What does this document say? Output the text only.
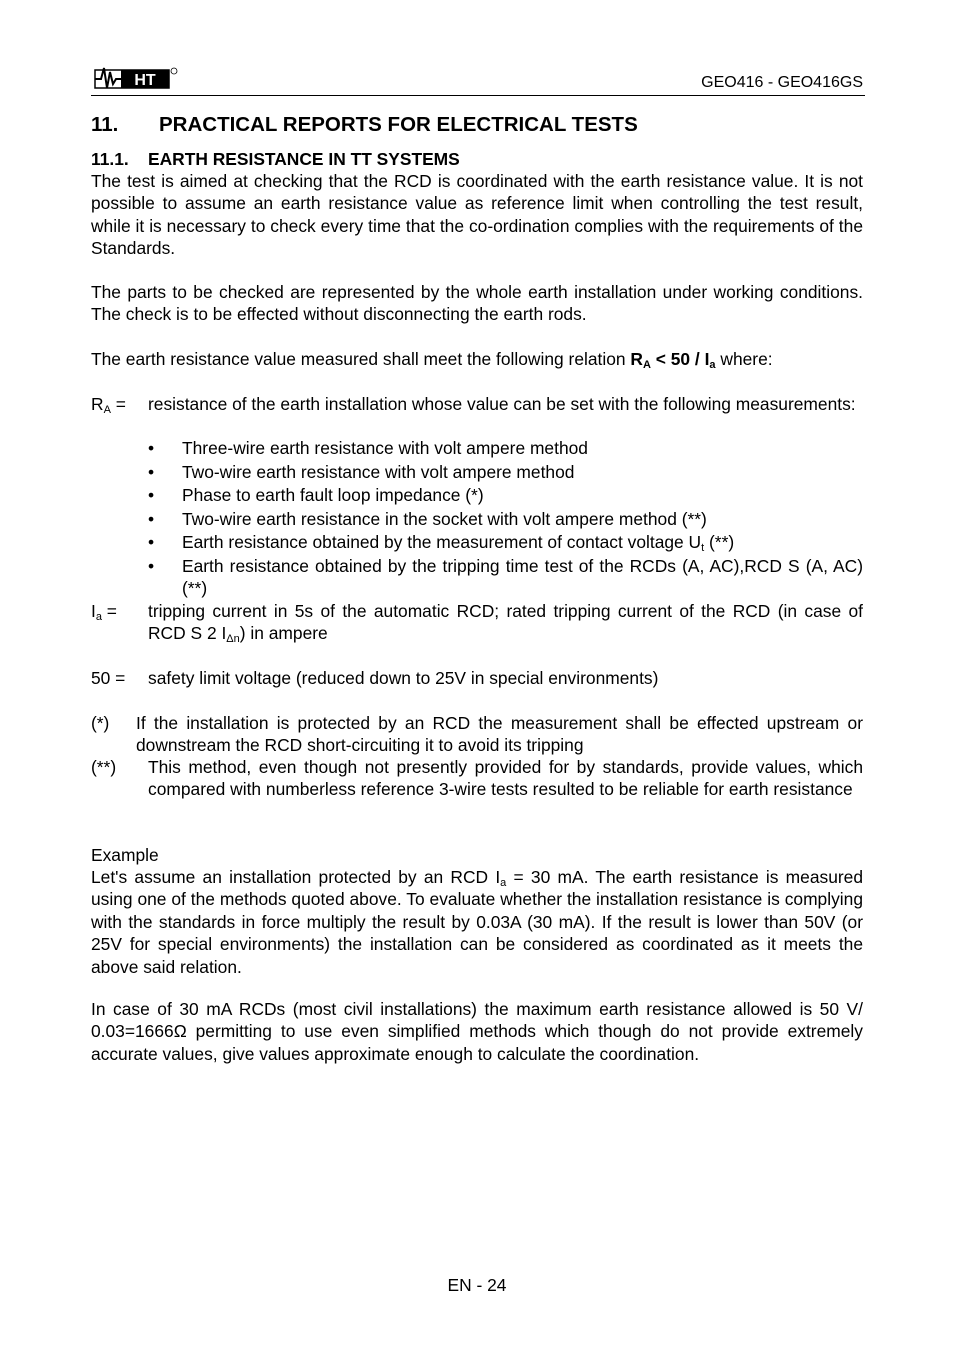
HT	GEO416 - GEO416GS
11. PRACTICAL REPORTS FOR ELECTRICAL TESTS
11.1. EARTH RESISTANCE IN TT SYSTEMS
The test is aimed at checking that the RCD is coordinated with the earth resistance value. It is not possible to assume an earth resistance value as reference limit when controlling the test result, while it is necessary to check every time that the co-ordination complies with the requirements of the Standards.
The parts to be checked are represented by the whole earth installation under working conditions. The check is to be effected without disconnecting the earth rods.
The earth resistance value measured shall meet the following relation $R_A < 50 / I_a$ where:
$R_A$ = resistance of the earth installation whose value can be set with the following measurements:
• Three-wire earth resistance with volt ampere method
• Two-wire earth resistance with volt ampere method
• Phase to earth fault loop impedance (*)
• Two-wire earth resistance in the socket with volt ampere method (**)
• Earth resistance obtained by the measurement of contact voltage $U_t$ (**)
• Earth resistance obtained by the tripping time test of the RCDs (A, AC),RCD S (A, AC) (**)
$I_a$ = tripping current in 5s of the automatic RCD; rated tripping current of the RCD (in case of RCD S 2 $I_{\Delta n}$) in ampere
50 = safety limit voltage (reduced down to 25V in special environments)
(*) If the installation is protected by an RCD the measurement shall be effected upstream or downstream the RCD short-circuiting it to avoid its tripping
(**) This method, even though not presently provided for by standards, provide values, which compared with numberless reference 3-wire tests resulted to be reliable for earth resistance
Example
Let's assume an installation protected by an RCD $I_a = 30$ mA. The earth resistance is measured using one of the methods quoted above. To evaluate whether the installation resistance is complying with the standards in force multiply the result by 0.03A (30 mA). If the result is lower than 50V (or 25V for special environments) the installation can be considered as coordinated as it meets the above said relation.
In case of 30 mA RCDs (most civil installations) the maximum earth resistance allowed is 50 V/ 0.03=1666Ω permitting to use even simplified methods which though do not provide extremely accurate values, give values approximate enough to calculate the coordination.
EN - 24
